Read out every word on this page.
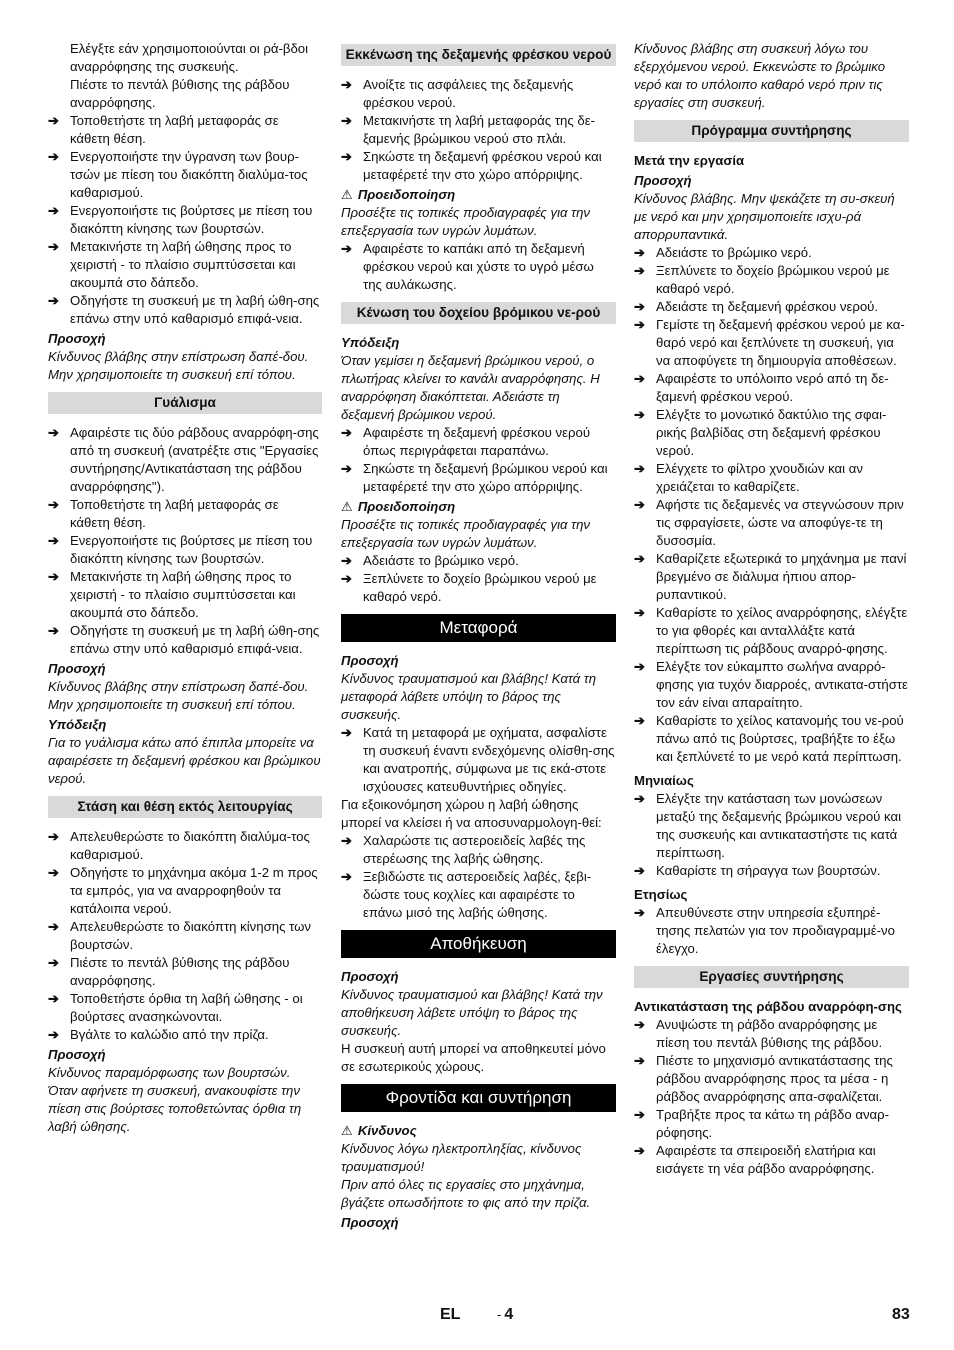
Ελέγξτε εάν χρησιμοποιούνται οι ρά-βδοι αναρρόφησης της συσκευής.
Πιέστε το πεντάλ βύθισης της ράβδου αναρρόφησης.
➔ Τοποθετήστε τη λαβή μεταφοράς σε κάθετη θέση.
➔ Ενεργοποιήστε την ύγρανση των βουρ-τσών με πίεση του διακόπτη διαλύμα-τος καθαρισμού.
➔ Ενεργοποιήστε τις βούρτσες με πίεση του διακόπτη κίνησης των βουρτσών.
➔ Μετακινήστε τη λαβή ώθησης προς το χειριστή - το πλαίσιο συμπτύσσεται και ακουμπά στο δάπεδο.
➔ Οδηγήστε τη συσκευή με τη λαβή ώθη-σης επάνω στην υπό καθαρισμό επιφά-νεια.
Προσοχή
Κίνδυνος βλάβης στην επίστρωση δαπέ-δου. Μην χρησιμοποιείτε τη συσκευή επί τόπου.
Γυάλισμα
➔ Αφαιρέστε τις δύο ράβδους αναρρόφη-σης από τη συσκευή (ανατρέξτε στις "Εργασίες συντήρησης/Αντικατάσταση της ράβδου αναρρόφησης").
➔ Τοποθετήστε τη λαβή μεταφοράς σε κάθετη θέση.
➔ Ενεργοποιήστε τις βούρτσες με πίεση του διακόπτη κίνησης των βουρτσών.
➔ Μετακινήστε τη λαβή ώθησης προς το χειριστή - το πλαίσιο συμπτύσσεται και ακουμπά στο δάπεδο.
➔ Οδηγήστε τη συσκευή με τη λαβή ώθη-σης επάνω στην υπό καθαρισμό επιφά-νεια.
Προσοχή
Κίνδυνος βλάβης στην επίστρωση δαπέ-δου. Μην χρησιμοποιείτε τη συσκευή επί τόπου.
Υπόδειξη
Για το γυάλισμα κάτω από έπιπλα μπορείτε να αφαιρέσετε τη δεξαμενή φρέσκου και βρώμικου νερού.
Στάση και θέση εκτός λειτουργίας
➔ Απελευθερώστε το διακόπτη διαλύμα-τος καθαρισμού.
➔ Οδηγήστε το μηχάνημα ακόμα 1-2 m προς τα εμπρός, για να αναρροφηθούν τα κατάλοιπα νερού.
➔ Απελευθερώστε το διακόπτη κίνησης των βουρτσών.
➔ Πιέστε το πεντάλ βύθισης της ράβδου αναρρόφησης.
➔ Τοποθετήστε όρθια τη λαβή ώθησης - οι βούρτσες ανασηκώνονται.
➔ Βγάλτε το καλώδιο από την πρίζα.
Προσοχή
Κίνδυνος παραμόρφωσης των βουρτσών. Όταν αφήνετε τη συσκευή, ανακουφίστε την πίεση στις βούρτσες τοποθετώντας όρθια τη λαβή ώθησης.
Εκκένωση της δεξαμενής φρέσκου νερού
➔ Ανοίξτε τις ασφάλειες της δεξαμενής φρέσκου νερού.
➔ Μετακινήστε τη λαβή μεταφοράς της δε-ξαμενής βρώμικου νερού στο πλάι.
➔ Σηκώστε τη δεξαμενή φρέσκου νερού και μεταφέρετέ την στο χώρο απόρριψης.
⚠ Προειδοποίηση
Προσέξτε τις τοπικές προδιαγραφές για την επεξεργασία των υγρών λυμάτων.
➔ Αφαιρέστε το καπάκι από τη δεξαμενή φρέσκου νερού και χύστε το υγρό μέσω της αυλάκωσης.
Κένωση του δοχείου βρόμικου νε-ρού
Υπόδειξη
Όταν γεμίσει η δεξαμενή βρώμικου νερού, ο πλωτήρας κλείνει το κανάλι αναρρόφησης. Η αναρρόφηση διακόπτεται. Αδειάστε τη δεξαμενή βρώμικου νερού.
➔ Αφαιρέστε τη δεξαμενή φρέσκου νερού όπως περιγράφεται παραπάνω.
➔ Σηκώστε τη δεξαμενή βρώμικου νερού και μεταφέρετέ την στο χώρο απόρριψης.
⚠ Προειδοποίηση
Προσέξτε τις τοπικές προδιαγραφές για την επεξεργασία των υγρών λυμάτων.
➔ Αδειάστε το βρώμικο νερό.
➔ Ξεπλύνετε το δοχείο βρώμικου νερού με καθαρό νερό.
Μεταφορά
Προσοχή
Κίνδυνος τραυματισμού και βλάβης! Κατά τη μεταφορά λάβετε υπόψη το βάρος της συσκευής.
➔ Κατά τη μεταφορά με οχήματα, ασφαλίστε τη συσκευή έναντι ενδεχόμενης ολίσθη-σης και ανατροπής, σύμφωνα με τις εκά-στοτε ισχύουσες κατευθυντήριες οδηγίες.
Για εξοικονόμηση χώρου η λαβή ώθησης μπορεί να κλείσει ή να αποσυναρμολογη-θεί:
➔ Χαλαρώστε τις αστεροειδείς λαβές της στερέωσης της λαβής ώθησης.
➔ Ξεβιδώστε τις αστεροειδείς λαβές, ξεβι-δώστε τους κοχλίες και αφαιρέστε το επάνω μισό της λαβής ώθησης.
Αποθήκευση
Προσοχή
Κίνδυνος τραυματισμού και βλάβης! Κατά την αποθήκευση λάβετε υπόψη το βάρος της συσκευής.
Η συσκευή αυτή μπορεί να αποθηκευτεί μόνο σε εσωτερικούς χώρους.
Φροντίδα και συντήρηση
⚠ Κίνδυνος
Κίνδυνος λόγω ηλεκτροπληξίας, κίνδυνος τραυματισμού!
Πριν από όλες τις εργασίες στο μηχάνημα, βγάζετε οπωσδήποτε το φις από την πρίζα.
Προσοχή
Κίνδυνος βλάβης στη συσκευή λόγω του εξερχόμενου νερού. Εκκενώστε το βρώμικο νερό και το υπόλοιπο καθαρό νερό πριν τις εργασίες στη συσκευή.
Πρόγραμμα συντήρησης
Μετά την εργασία
Προσοχή
Κίνδυνος βλάβης. Μην ψεκάζετε τη συ-σκευή με νερό και μην χρησιμοποιείτε ισχυ-ρά απορρυπαντικά.
➔ Αδειάστε το βρώμικο νερό.
➔ Ξεπλύνετε το δοχείο βρώμικου νερού με καθαρό νερό.
➔ Αδειάστε τη δεξαμενή φρέσκου νερού.
➔ Γεμίστε τη δεξαμενή φρέσκου νερού με κα-θαρό νερό και ξεπλύνετε τη συσκευή, για να αποφύγετε τη δημιουργία αποθέσεων.
➔ Αφαιρέστε το υπόλοιπο νερό από τη δε-ξαμενή φρέσκου νερού.
➔ Ελέγξτε το μονωτικό δακτύλιο της σφαι-ρικής βαλβίδας στη δεξαμενή φρέσκου νερού.
➔ Ελέγχετε το φίλτρο χνουδιών και αν χρειάζεται το καθαρίζετε.
➔ Αφήστε τις δεξαμενές να στεγνώσουν πριν τις σφραγίσετε, ώστε να αποφύγε-τε τη δυσοσμία.
➔ Καθαρίζετε εξωτερικά το μηχάνημα με πανί βρεγμένο σε διάλυμα ήπιου απορ-ρυπαντικού.
➔ Καθαρίστε το χείλος αναρρόφησης, ελέγξτε το για φθορές και ανταλλάξτε κατά περίπτωση τις ράβδους αναρρό-φησης.
➔ Ελέγξτε τον εύκαμπτο σωλήνα αναρρό-φησης για τυχόν διαρροές, αντικατα-στήστε τον εάν είναι απαραίτητο.
➔ Καθαρίστε το χείλος κατανομής του νε-ρού πάνω από τις βούρτσες, τραβήξτε το έξω και ξεπλύνετέ το με νερό κατά περίπτωση.
Μηνιαίως
➔ Ελέγξτε την κατάσταση των μονώσεων μεταξύ της δεξαμενής βρώμικου νερού και της συσκευής και αντικαταστήστε τις κατά περίπτωση.
➔ Καθαρίστε τη σήραγγα των βουρτσών.
Ετησίως
➔ Απευθύνεστε στην υπηρεσία εξυπηρέ-τησης πελατών για τον προδιαγραμμέ-νο έλεγχο.
Εργασίες συντήρησης
Αντικατάσταση της ράβδου αναρρόφη-σης
➔ Ανυψώστε τη ράβδο αναρρόφησης με πίεση του πεντάλ βύθισης της ράβδου.
➔ Πιέστε το μηχανισμό αντικατάστασης της ράβδου αναρρόφησης προς τα μέσα - η ράβδος αναρρόφησης απα-σφαλίζεται.
➔ Τραβήξτε προς τα κάτω τη ράβδο αναρ-ρόφησης.
➔ Αφαιρέστε τα σπειροειδή ελατήρια και εισάγετε τη νέα ράβδο αναρρόφησης.
EL	- 4	83
